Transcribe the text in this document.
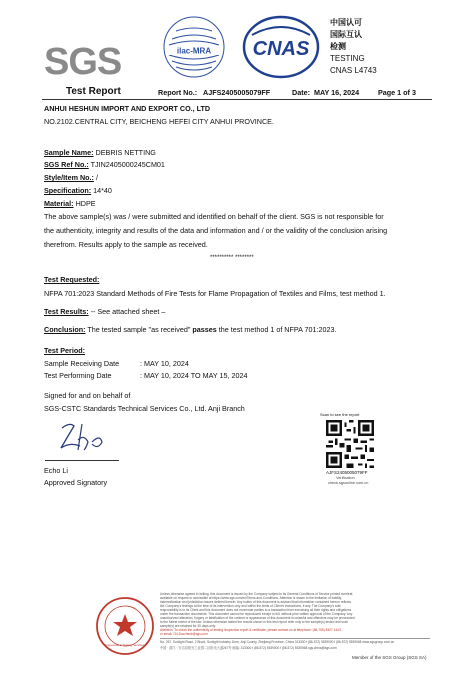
SGS	ilac-MRA CNAS
中国认可
国际互认
检测
TESTING
CNAS L4743
Test Report	Report No.: AJFS2405005079FF	Date: MAY 16, 2024	Page 1 of 3
ANHUI HESHUN IMPORT AND EXPORT CO., LTD
NO.2102.CENTRAL CITY, BEICHENG HEFEI CITY ANHUI PROVINCE.
Sample Name: DEBRIS NETTING
SGS Ref No.: TJIN2405000245CM01
Style/Item No.: /
Specification: 14*40
Material: HDPE
The above sample(s) was / were submitted and identified on behalf of the client. SGS is not responsible for
the authenticity, integrity and results of the data and information and / or the validity of the conclusion arising
therefrom. Results apply to the sample as received.
********** ********
Test Requested:
NFPA 701:2023 Standard Methods of Fire Tests for Flame Propagation of Textiles and Films, test method 1.
Test Results: -- See attached sheet –
Conclusion: The tested sample "as received" passes the test method 1 of NFPA 701:2023.
Test Period:
Sample Receiving Date	: MAY 10, 2024
Test Performing Date	: MAY 10, 2024 TO MAY 15, 2024
Signed for and on behalf of
SGS-CSTC Standards Technical Services Co., Ltd. Anji Branch
Echo Li
Approved Signatory
Scan to see the report
AJFS2405005079FF
Verification
check.sgsonline.com.cn
Inspection & Testing Services
Unless otherwise agreed in writing, this document is issued by the Company subject to its General Conditions of Service printed overleaf,
available on request or accessible at https://www.sgs.com/en/Terms-and-Conditions. Attention is drawn to the limitation of liability,
indemnification and jurisdiction issues defined therein. Any holder of this document is advised that information contained hereon reflects
the Company's findings at the time of its intervention only and within the limits of Client's instructions, if any. The Company's sole
responsibility is to its Client and this document does not exonerate parties to a transaction from exercising all their rights and obligations
under the transaction documents. This document cannot be reproduced except in full, without prior written approval of the Company. Any
unauthorized alteration, forgery or falsification of the content or appearance of this document is unlawful and offenders may be prosecuted
to the fullest extent of the law. Unless otherwise stated the results shown in this test report refer only to the sample(s) tested and such
sample(s) are retained for 30 days only.
Attention: To check the authenticity of testing /inspection report & certificate, please contact us at telephone: (86-755) 8307 1443,
or email: CN.Doccheck@sgs.com
No. 267, Sunlight Road, 2 Block, Sunlight Industry Zone, Anji County, Zhejiang Province, China 313300 t (86-572) 5539000 f (86-572) 5539068 www.sgsgroup.com.cn
中国 · 浙江 · 安吉县阳光工业园二区阳光大道267号 邮编: 313300 t (86-572) 5539000 f (86-572) 5539068 sgs.china@sgs.com
Member of the SGS Group (SGS SA)
